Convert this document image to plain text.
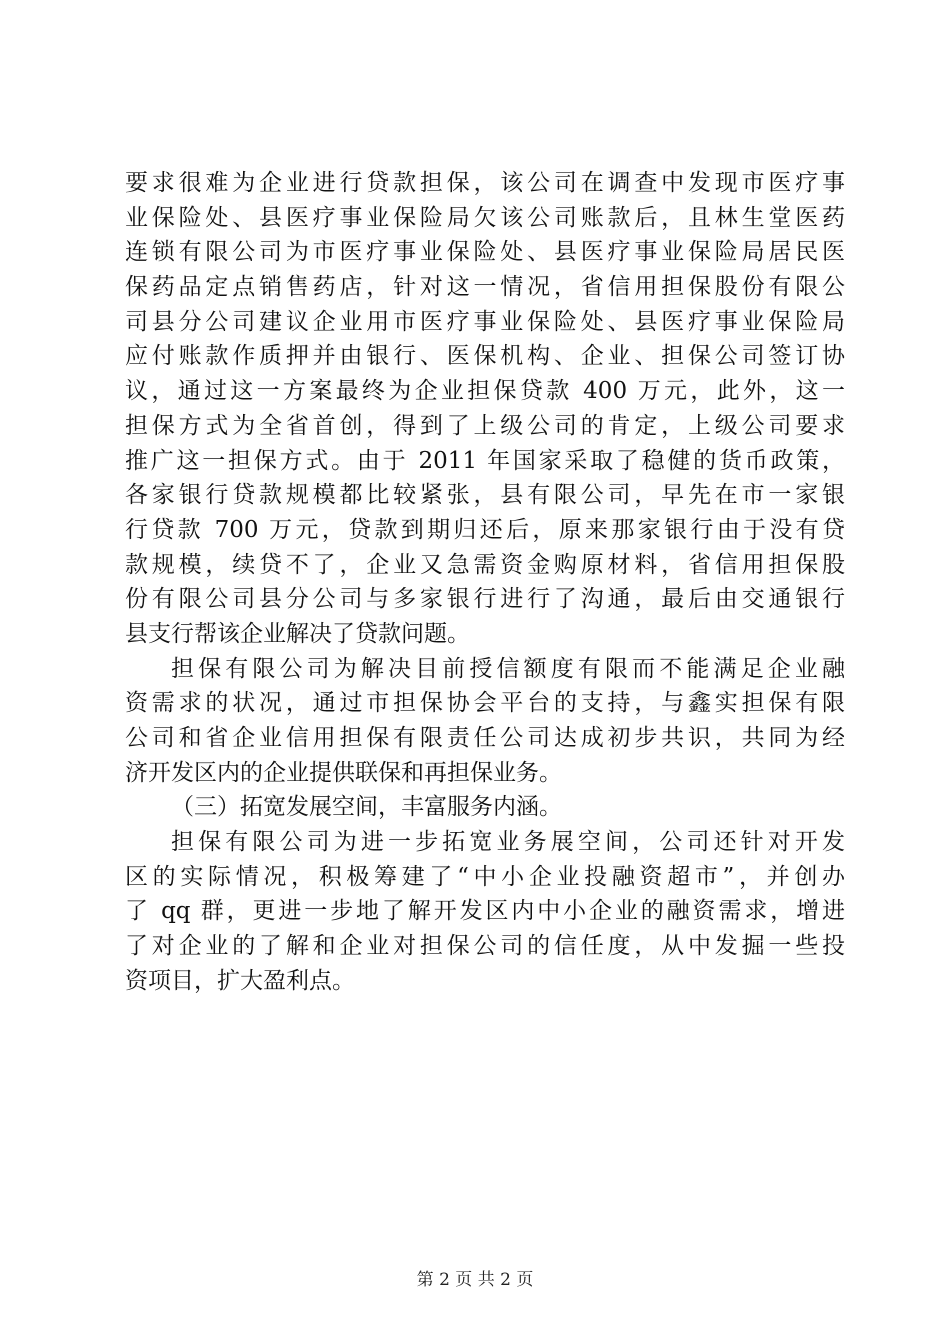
要求很难为企业进行贷款担保，该公司在调查中发现市医疗事
业保险处、县医疗事业保险局欠该公司账款后，且林生堂医药
连锁有限公司为市医疗事业保险处、县医疗事业保险局居民医
保药品定点销售药店，针对这一情况，省信用担保股份有限公
司县分公司建议企业用市医疗事业保险处、县医疗事业保险局
应付账款作质押并由银行、医保机构、企业、担保公司签订协
议，通过这一方案最终为企业担保贷款 400 万元，此外，这一
担保方式为全省首创，得到了上级公司的肯定，上级公司要求
推广这一担保方式。由于 2011 年国家采取了稳健的货币政策，
各家银行贷款规模都比较紧张，县有限公司，早先在市一家银
行贷款 700 万元，贷款到期归还后，原来那家银行由于没有贷
款规模，续贷不了，企业又急需资金购原材料，省信用担保股
份有限公司县分公司与多家银行进行了沟通，最后由交通银行
县支行帮该企业解决了贷款问题。
担保有限公司为解决目前授信额度有限而不能满足企业融
资需求的状况，通过市担保协会平台的支持，与鑫实担保有限
公司和省企业信用担保有限责任公司达成初步共识，共同为经
济开发区内的企业提供联保和再担保业务。
（三）拓宽发展空间，丰富服务内涵。
担保有限公司为进一步拓宽业务展空间，公司还针对开发
区的实际情况，积极筹建了“中小企业投融资超市”，并创办
了 qq 群，更进一步地了解开发区内中小企业的融资需求，增进
了对企业的了解和企业对担保公司的信任度，从中发掘一些投
资项目，扩大盈利点。
第 2 页 共 2 页
